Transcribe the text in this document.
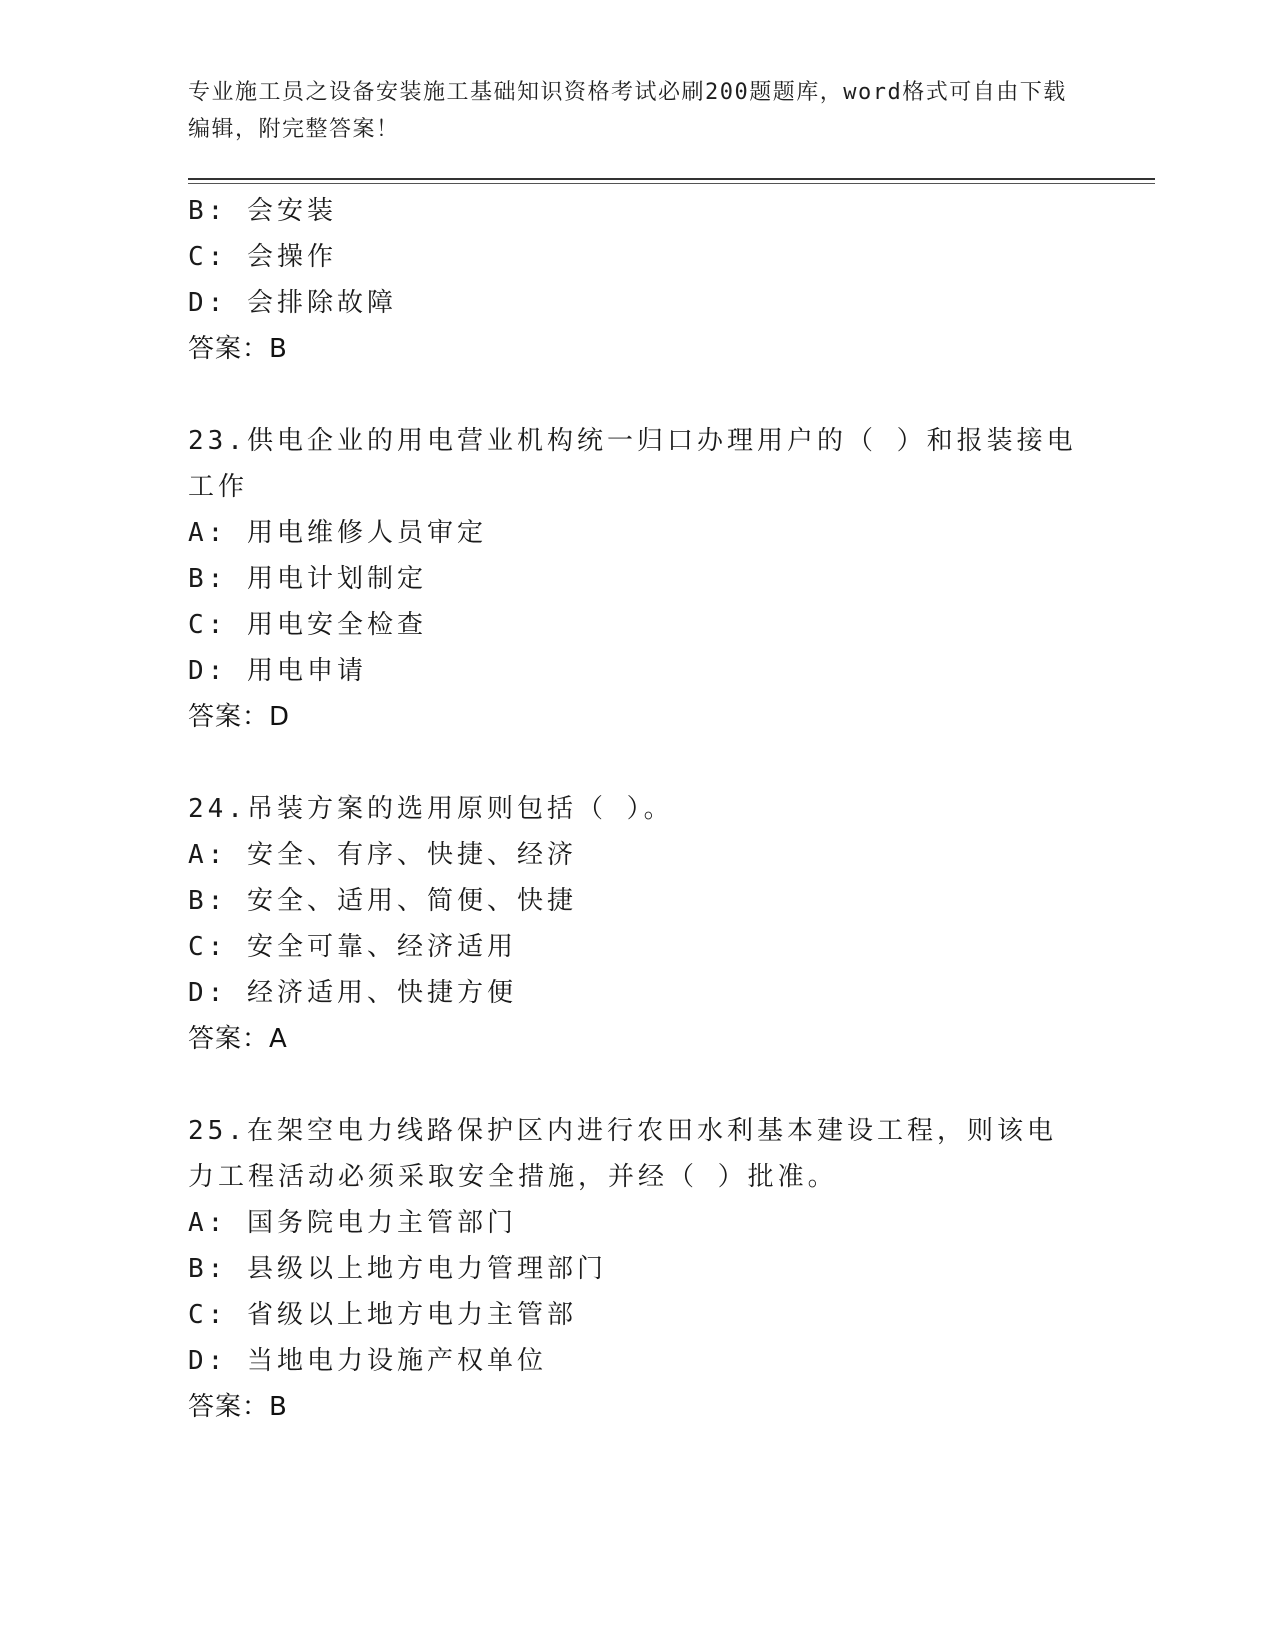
专业施工员之设备安装施工基础知识资格考试必刷200题题库，word格式可自由下载编辑，附完整答案！
B: 会安装
C: 会操作
D: 会排除故障
答案：B
23.供电企业的用电营业机构统一归口办理用户的（ ）和报装接电工作
A: 用电维修人员审定
B: 用电计划制定
C: 用电安全检查
D: 用电申请
答案：D
24.吊装方案的选用原则包括（ ）。
A: 安全、有序、快捷、经济
B: 安全、适用、简便、快捷
C: 安全可靠、经济适用
D: 经济适用、快捷方便
答案：A
25.在架空电力线路保护区内进行农田水利基本建设工程，则该电力工程活动必须采取安全措施，并经（ ）批准。
A: 国务院电力主管部门
B: 县级以上地方电力管理部门
C: 省级以上地方电力主管部
D: 当地电力设施产权单位
答案：B
